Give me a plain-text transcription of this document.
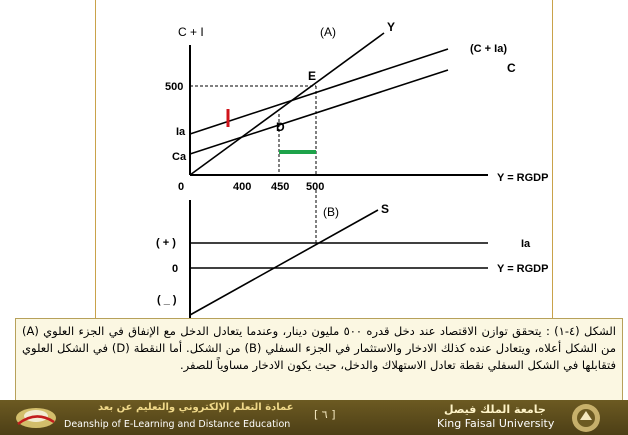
C + I	(A)	Y
(C + Ia)
C
E
D
500
Ia
Ca
0	400 450 500
Y = RGDP
(B)
Ia
Y = RGDP
S
( + )
0
( _ )
الشكل (٤-١) : يتحقق توازن الاقتصاد عند دخل قدره ٥٠٠ مليون دينار، وعندما يتعادل الدخل مع الإنفاق في الجزء العلوي (A) من الشكل أعلاه، ويتعادل عنده كذلك الادخار والاستثمار في الجزء السفلي (B) من الشكل. أما النقطة (D) في الشكل العلوي فتقابلها في الشكل السفلي نقطة تعادل الاستهلاك والدخل، حيث يكون الادخار مساوياً للصفر.
عمادة التعلم الإلكتروني والتعليم عن بعد
Deanship of E-Learning and Distance Education
[ ٦ ]	جامعة الملك فيصل
King Faisal University
